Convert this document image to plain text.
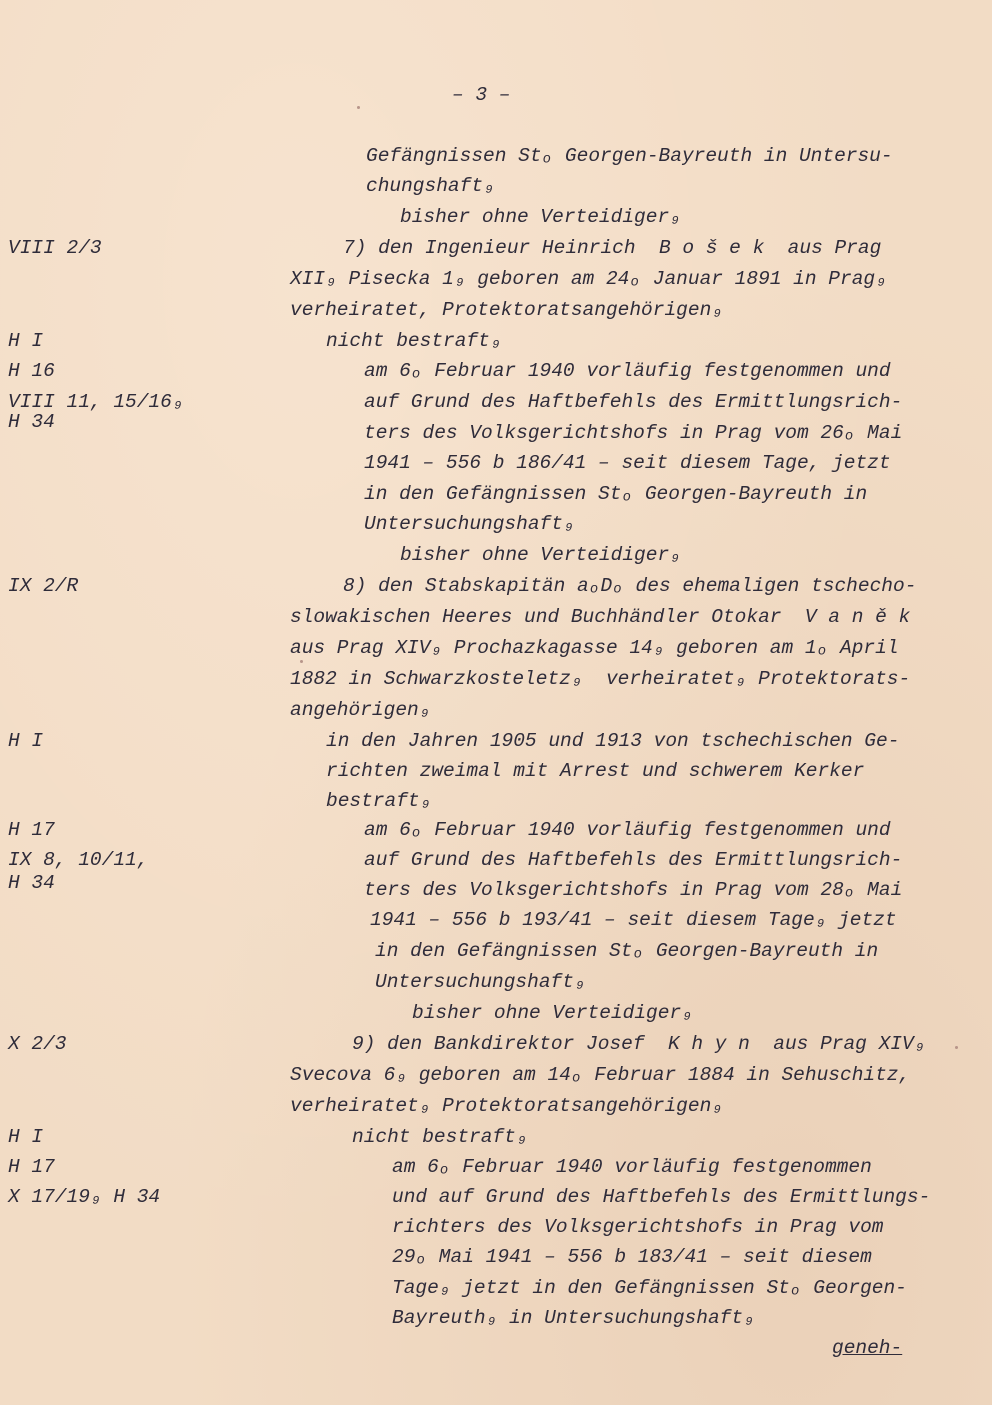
– 3 –
Gefängnissen Stₒ Georgen‑Bayreuth in Untersu‑
chungshaft₉
bisher ohne Verteidiger₉
7) den Ingenieur Heinrich  B o š e k  aus Prag
XII₉ Pisecka 1₉ geboren am 24ₒ Januar 1891 in Prag₉
verheiratet, Protektoratsangehörigen₉
nicht bestraft₉
am 6ₒ Februar 1940 vorläufig festgenommen und
auf Grund des Haftbefehls des Ermittlungsrich‑
ters des Volksgerichtshofs in Prag vom 26ₒ Mai
1941 – 556 b 186/41 – seit diesem Tage, jetzt
in den Gefängnissen Stₒ Georgen‑Bayreuth in
Untersuchungshaft₉
bisher ohne Verteidiger₉
8) den Stabskapitän aₒDₒ des ehemaligen tschecho‑
slowakischen Heeres und Buchhändler Otokar  V a n ě k
aus Prag XIV₉ Prochazkagasse 14₉ geboren am 1ₒ April
1882 in Schwarzkosteletz₉  verheiratet₉ Protektorats‑
angehörigen₉
in den Jahren 1905 und 1913 von tschechischen Ge‑
richten zweimal mit Arrest und schwerem Kerker
bestraft₉
am 6ₒ Februar 1940 vorläufig festgenommen und
auf Grund des Haftbefehls des Ermittlungsrich‑
ters des Volksgerichtshofs in Prag vom 28ₒ Mai
1941 – 556 b 193/41 – seit diesem Tage₉ jetzt
in den Gefängnissen Stₒ Georgen‑Bayreuth in
Untersuchungshaft₉
bisher ohne Verteidiger₉
9) den Bankdirektor Josef  K h y n  aus Prag XIV₉
Svecova 6₉ geboren am 14ₒ Februar 1884 in Sehuschitz,
verheiratet₉ Protektoratsangehörigen₉
nicht bestraft₉
am 6ₒ Februar 1940 vorläufig festgenommen
und auf Grund des Haftbefehls des Ermittlungs‑
richters des Volksgerichtshofs in Prag vom
29ₒ Mai 1941 – 556 b 183/41 – seit diesem
Tage₉ jetzt in den Gefängnissen Stₒ Georgen‑
Bayreuth₉ in Untersuchungshaft₉
geneh‑
VIII 2/3
H I
H 16
VIII 11, 15/16₉
H 34
IX 2/R
H I
H 17
IX 8, 10/11,
H 34
X 2/3
H I
H 17
X 17/19₉ H 34
